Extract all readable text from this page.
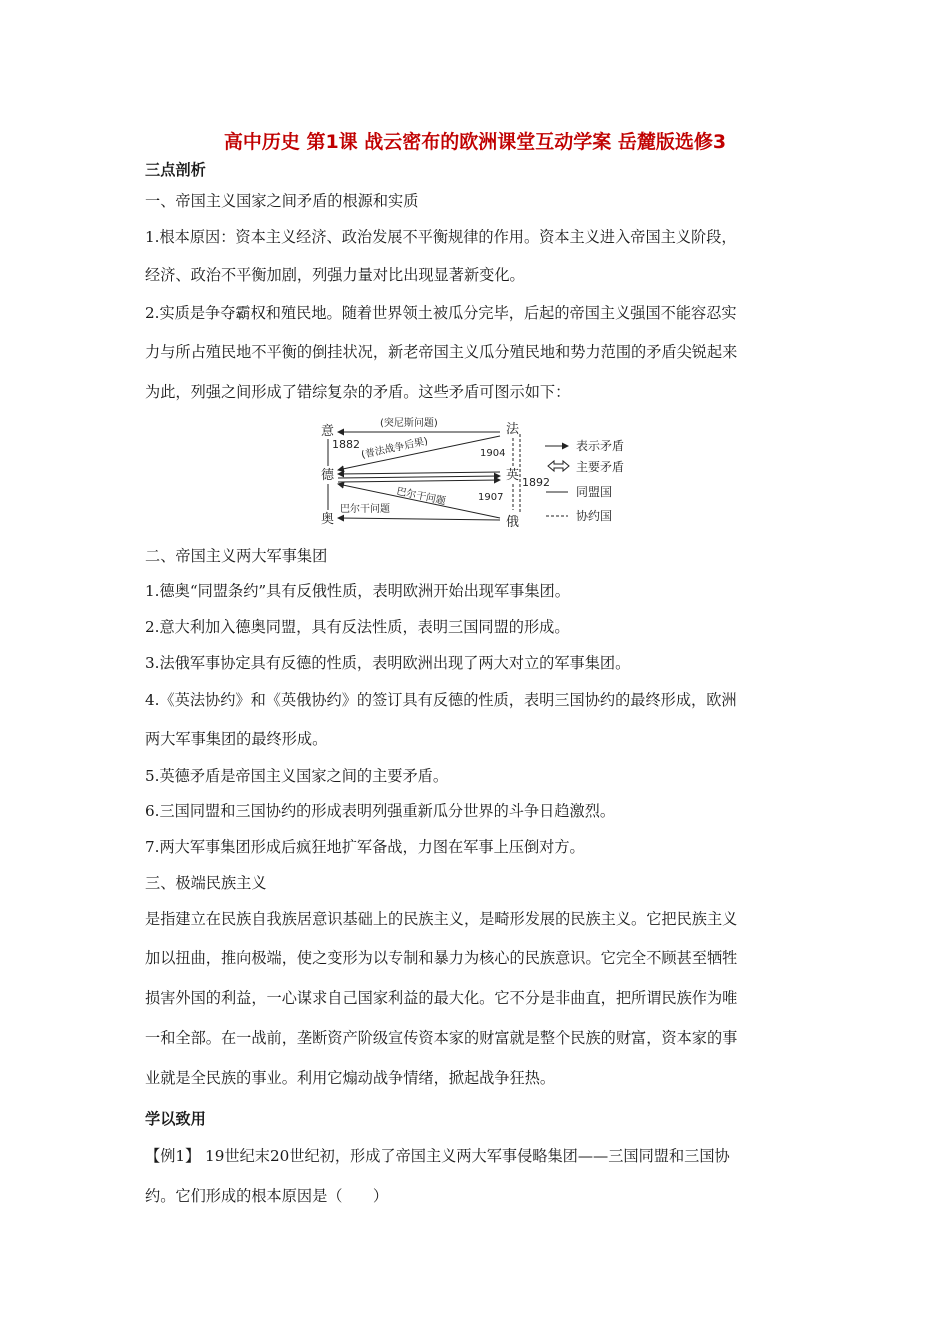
高中历史 第1课 战云密布的欧洲课堂互动学案 岳麓版选修3
三点剖析
一、帝国主义国家之间矛盾的根源和实质
1.根本原因：资本主义经济、政治发展不平衡规律的作用。资本主义进入帝国主义阶段，
经济、政治不平衡加剧，列强力量对比出现显著新变化。
2.实质是争夺霸权和殖民地。随着世界领土被瓜分完毕，后起的帝国主义强国不能容忍实
力与所占殖民地不平衡的倒挂状况，新老帝国主义瓜分殖民地和势力范围的矛盾尖锐起来
为此，列强之间形成了错综复杂的矛盾。这些矛盾可图示如下：
意
德
奥
法
英
俄
(突尼斯问题)
(普法战争后果)
巴尔干问题
巴尔干问题
1882
1904
1907
1892
表示矛盾
主要矛盾
同盟国
协约国
二、帝国主义两大军事集团
1.德奥“同盟条约”具有反俄性质，表明欧洲开始出现军事集团。
2.意大利加入德奥同盟，具有反法性质，表明三国同盟的形成。
3.法俄军事协定具有反德的性质，表明欧洲出现了两大对立的军事集团。
4.《英法协约》和《英俄协约》的签订具有反德的性质，表明三国协约的最终形成，欧洲
两大军事集团的最终形成。
5.英德矛盾是帝国主义国家之间的主要矛盾。
6.三国同盟和三国协约的形成表明列强重新瓜分世界的斗争日趋激烈。
7.两大军事集团形成后疯狂地扩军备战，力图在军事上压倒对方。
三、极端民族主义
是指建立在民族自我族居意识基础上的民族主义，是畸形发展的民族主义。它把民族主义
加以扭曲，推向极端，使之变形为以专制和暴力为核心的民族意识。它完全不顾甚至牺牲
损害外国的利益，一心谋求自己国家利益的最大化。它不分是非曲直，把所谓民族作为唯
一和全部。在一战前，垄断资产阶级宣传资本家的财富就是整个民族的财富，资本家的事
业就是全民族的事业。利用它煽动战争情绪，掀起战争狂热。
学以致用
【例1】 19世纪末20世纪初，形成了帝国主义两大军事侵略集团——三国同盟和三国协
约。它们形成的根本原因是（　　）
